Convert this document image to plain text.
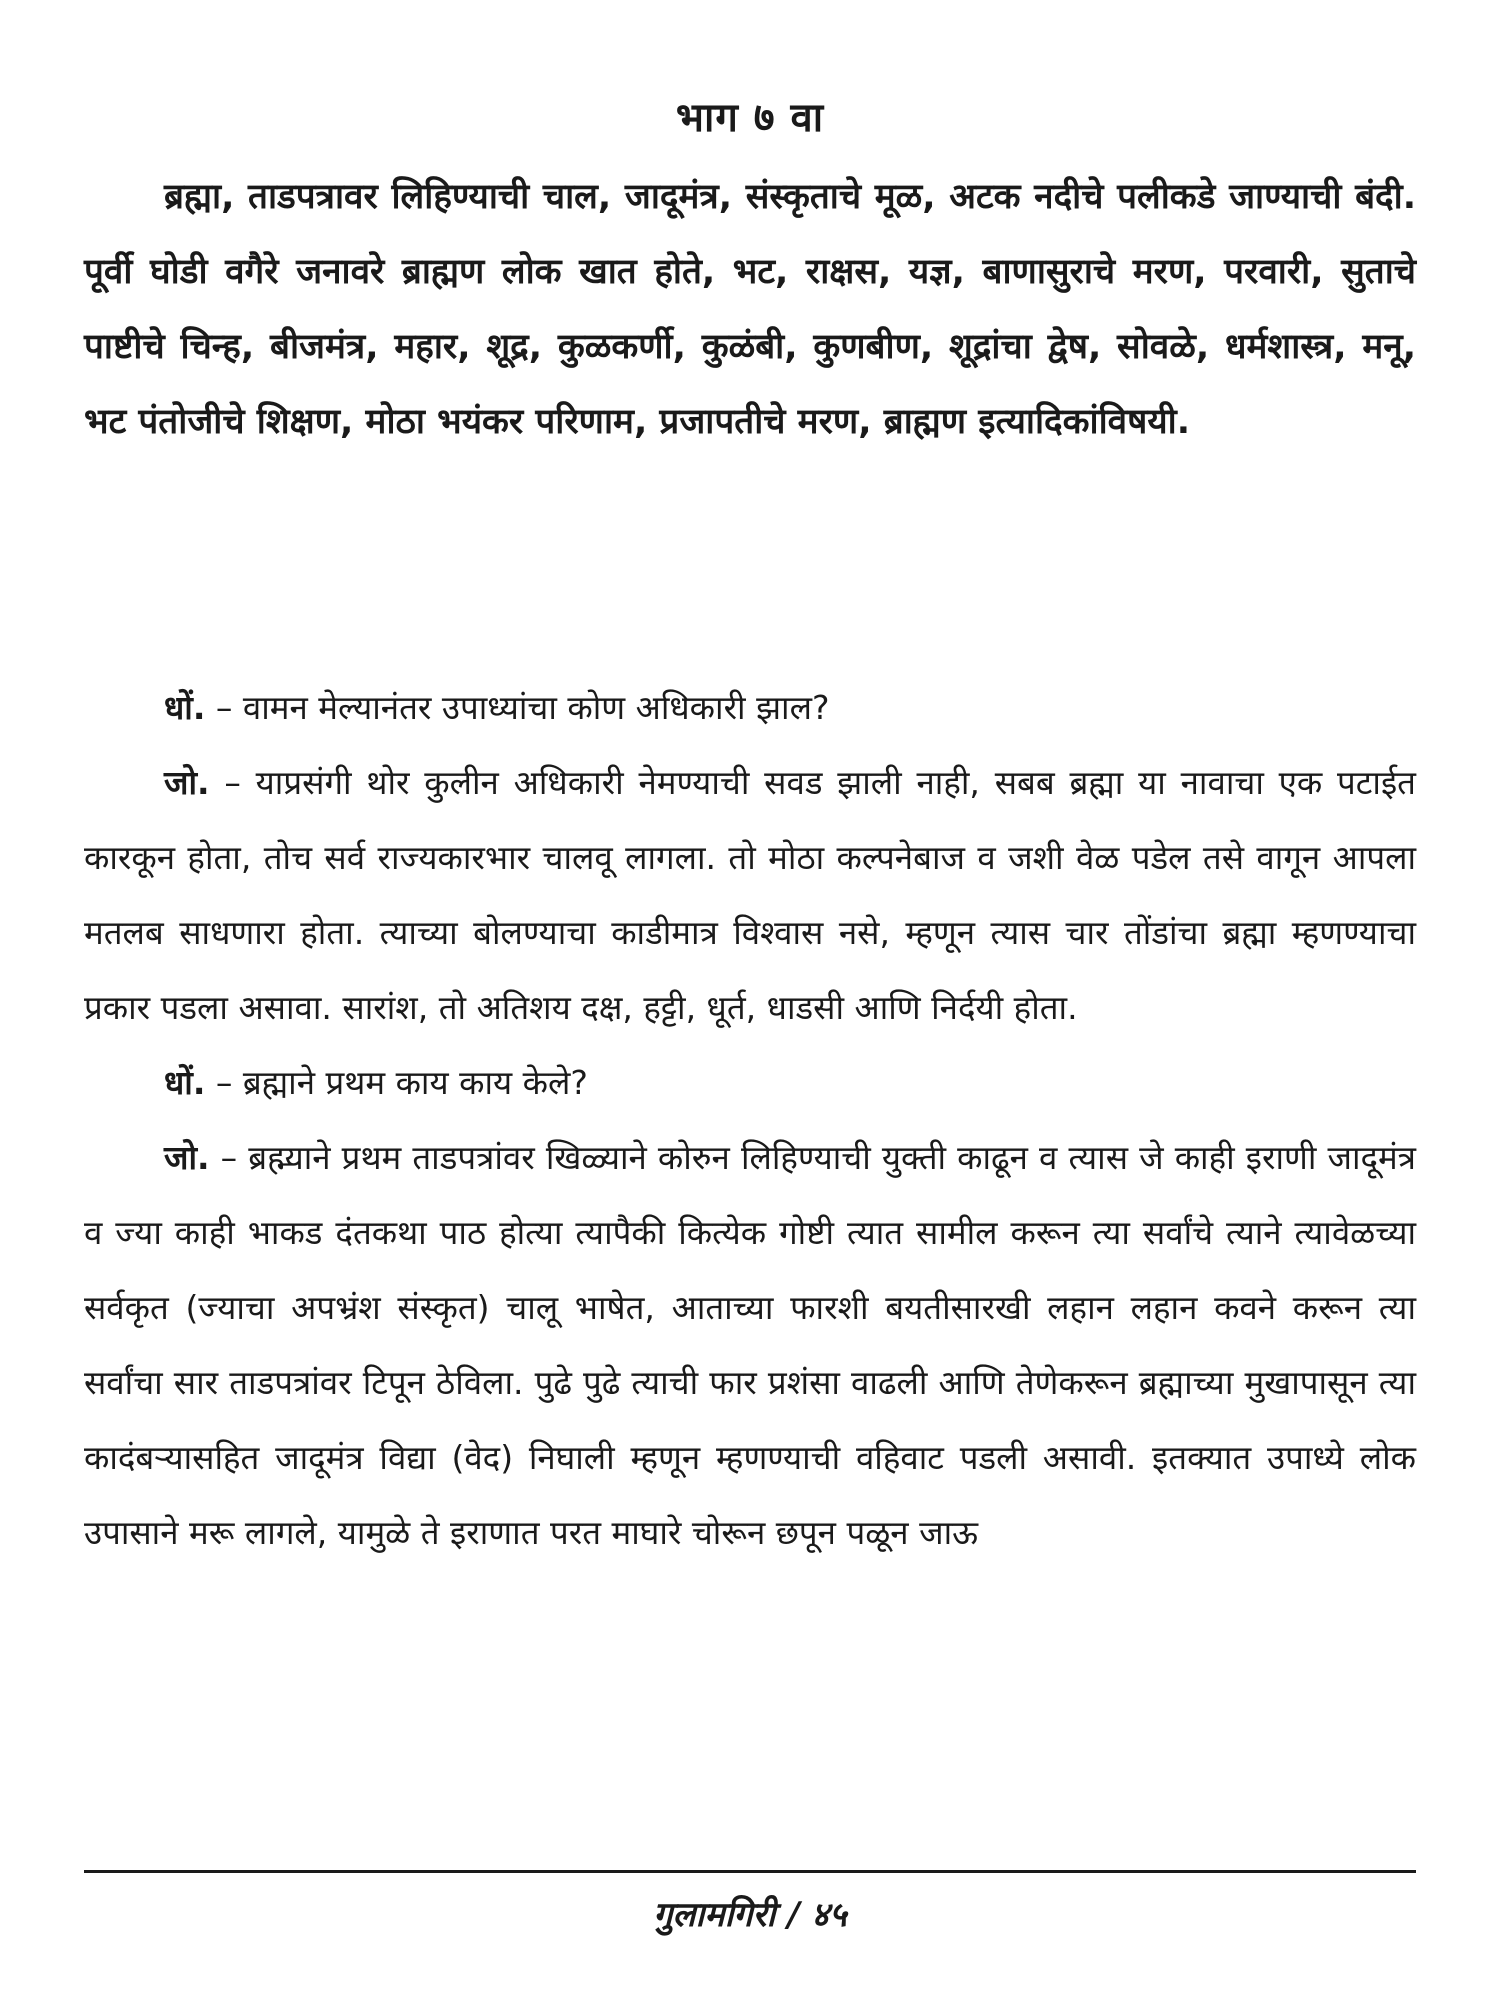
भाग ७ वा

ब्रह्मा, ताडपत्रावर लिहिण्याची चाल, जादूमंत्र, संस्कृताचे मूळ, अटक नदीचे पलीकडे जाण्याची बंदी. पूर्वी घोडी वगैरे जनावरे ब्राह्मण लोक खात होते, भट, राक्षस, यज्ञ, बाणासुराचे मरण, परवारी, सुताचे पाष्टीचे चिन्ह, बीजमंत्र, महार, शूद्र, कुळकर्णी, कुळंबी, कुणबीण, शूद्रांचा द्वेष, सोवळे, धर्मशास्त्र, मनू, भट पंतोजीचे शिक्षण, मोठा भयंकर परिणाम, प्रजापतीचे मरण, ब्राह्मण इत्यादिकांविषयी.

धों. – वामन मेल्यानंतर उपाध्यांचा कोण अधिकारी झाल?

जो. – याप्रसंगी थोर कुलीन अधिकारी नेमण्याची सवड झाली नाही, सबब ब्रह्मा या नावाचा एक पटाईत कारकून होता, तोच सर्व राज्यकारभार चालवू लागला. तो मोठा कल्पनेबाज व जशी वेळ पडेल तसे वागून आपला मतलब साधणारा होता. त्याच्या बोलण्याचा काडीमात्र विश्वास नसे, म्हणून त्यास चार तोंडांचा ब्रह्मा म्हणण्याचा प्रकार पडला असावा. सारांश, तो अतिशय दक्ष, हट्टी, धूर्त, धाडसी आणि निर्दयी होता.

धों. – ब्रह्माने प्रथम काय काय केले?

जो. – ब्रह्म्याने प्रथम ताडपत्रांवर खिळ्याने कोरुन लिहिण्याची युक्ती काढून व त्यास जे काही इराणी जादूमंत्र व ज्या काही भाकड दंतकथा पाठ होत्या त्यापैकी कित्येक गोष्टी त्यात सामील करून त्या सर्वांचे त्याने त्यावेळच्या सर्वकृत (ज्याचा अपभ्रंश संस्कृत) चालू भाषेत, आताच्या फारशी बयतीसारखी लहान लहान कवने करून त्या सर्वांचा सार ताडपत्रांवर टिपून ठेविला. पुढे पुढे त्याची फार प्रशंसा वाढली आणि तेणेकरून ब्रह्माच्या मुखापासून त्या कादंबऱ्यासहित जादूमंत्र विद्या (वेद) निघाली म्हणून म्हणण्याची वहिवाट पडली असावी. इतक्यात उपाध्ये लोक उपासाने मरू लागले, यामुळे ते इराणात परत माघारे चोरून छपून पळून जाऊ

गुलामगिरी / ४५
